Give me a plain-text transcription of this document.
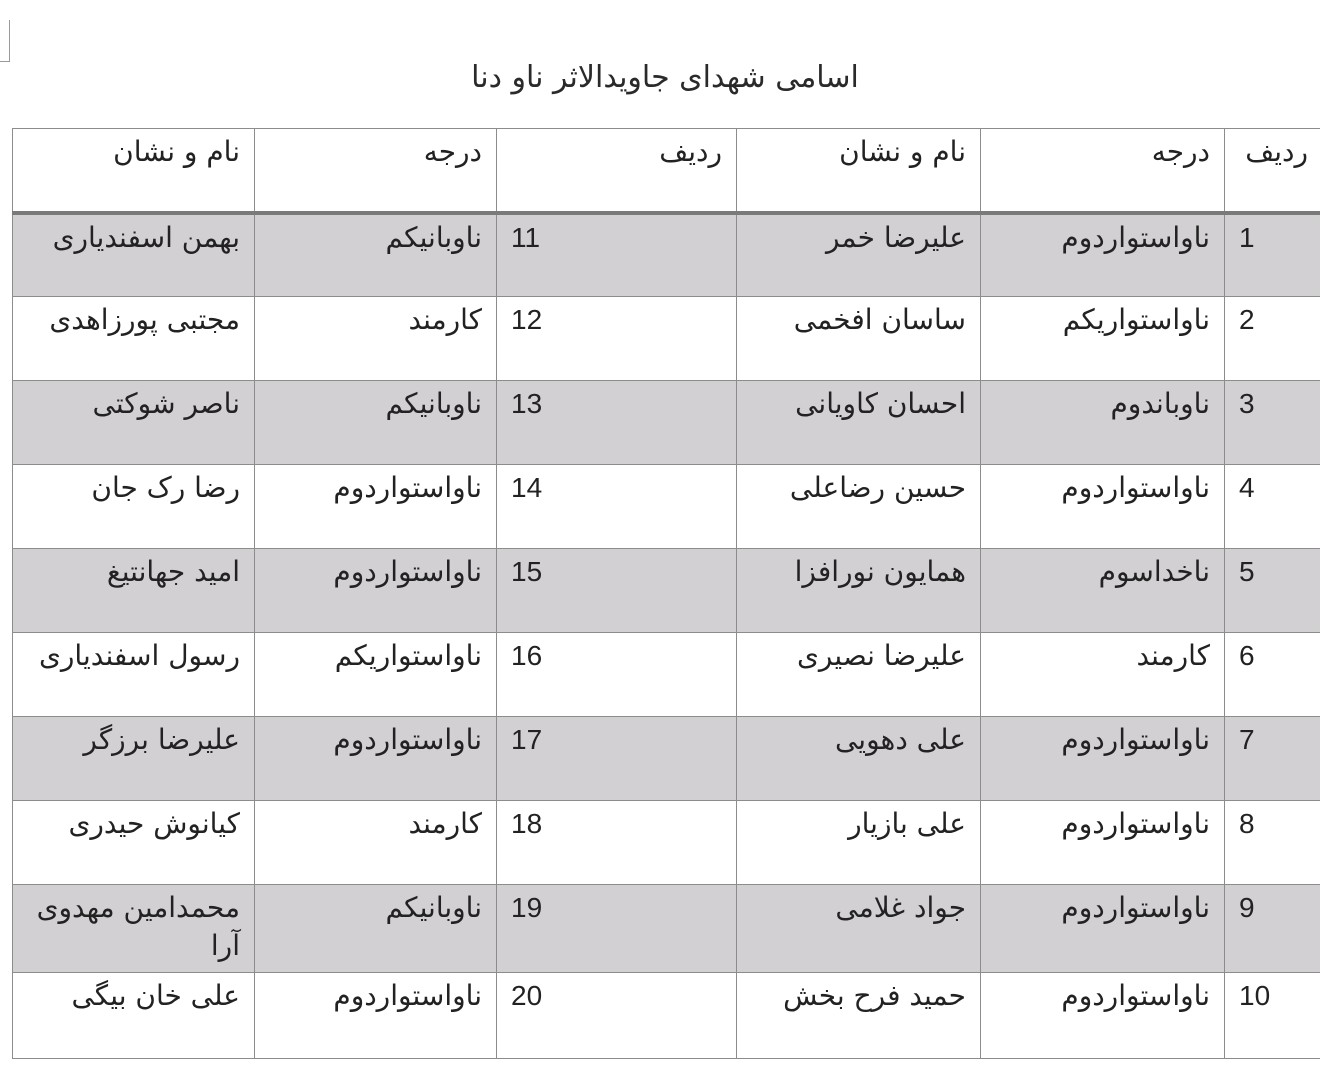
اسامی شهدای جاویدالاثر ناو دنا
ردیف	درجه	نام و نشان	ردیف	درجه	نام و نشان
1	ناواستواردوم	علیرضا خمر	11	ناوبانیکم	بهمن اسفندیاری
2	ناواستواریکم	ساسان افخمی	12	کارمند	مجتبی پورزاهدی
3	ناوباندوم	احسان کاویانی	13	ناوبانیکم	ناصر شوکتی
4	ناواستواردوم	حسین رضاعلی	14	ناواستواردوم	رضا رک جان
5	ناخداسوم	همایون نورافزا	15	ناواستواردوم	امید جهانتیغ
6	کارمند	علیرضا نصیری	16	ناواستواریکم	رسول اسفندیاری
7	ناواستواردوم	علی دهویی	17	ناواستواردوم	علیرضا برزگر
8	ناواستواردوم	علی بازیار	18	کارمند	کیانوش حیدری
9	ناواستواردوم	جواد غلامی	19	ناوبانیکم	محمدامین مهدوی آرا
10	ناواستواردوم	حمید فرح بخش	20	ناواستواردوم	علی خان بیگی
